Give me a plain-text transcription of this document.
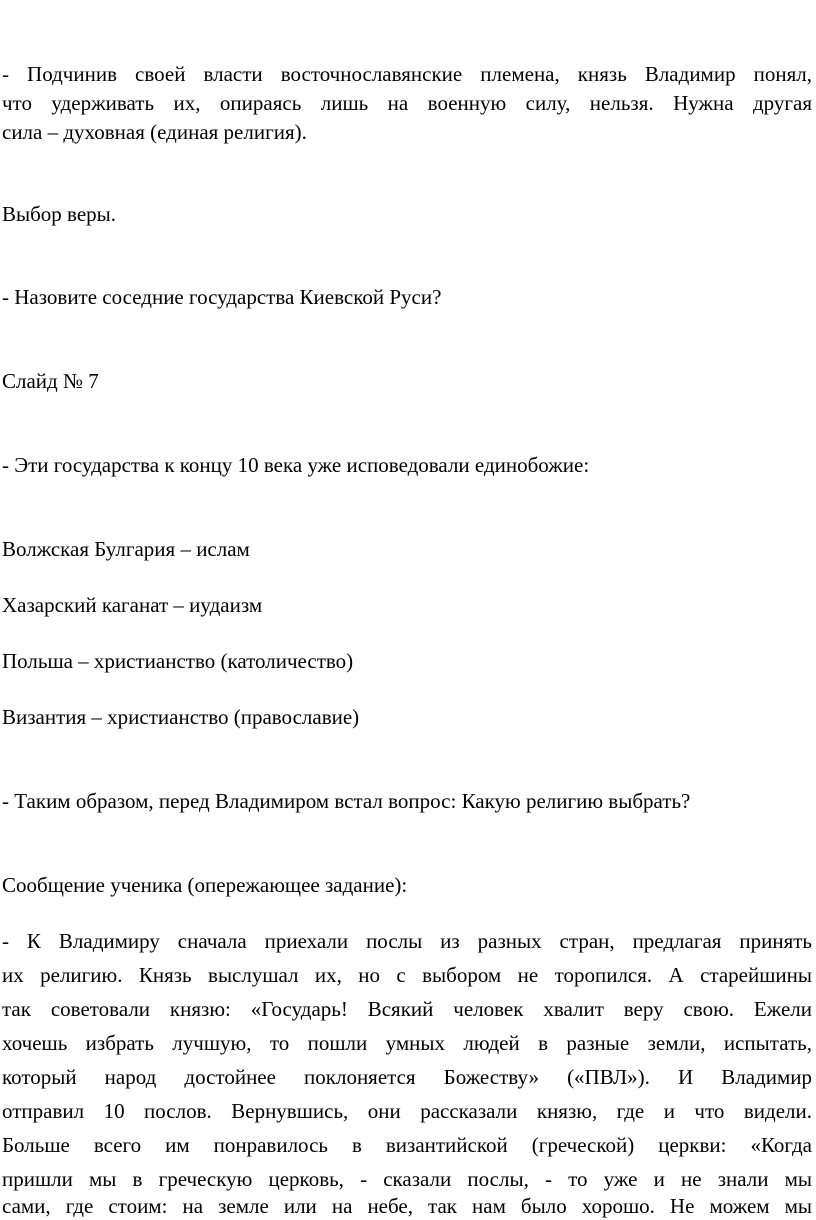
- Подчинив своей власти восточнославянские племена, князь Владимир понял,
что удерживать их, опираясь лишь на военную силу, нельзя. Нужна другая
сила – духовная (единая религия).
Выбор веры.
- Назовите соседние государства Киевской Руси?
Слайд № 7
- Эти государства к концу 10 века уже исповедовали единобожие:
Волжская Булгария – ислам
Хазарский каганат – иудаизм
Польша – христианство (католичество)
Византия – христианство (православие)
- Таким образом, перед Владимиром встал вопрос: Какую религию выбрать?
Сообщение ученика (опережающее задание):
- К Владимиру сначала приехали послы из разных стран, предлагая принять
их религию. Князь выслушал их, но с выбором не торопился. А старейшины
так советовали князю: «Государь! Всякий человек хвалит веру свою. Ежели
хочешь избрать лучшую, то пошли умных людей в разные земли, испытать,
который народ достойнее поклоняется Божеству» («ПВЛ»). И Владимир
отправил 10 послов. Вернувшись, они рассказали князю, где и что видели.
Больше всего им понравилось в византийской (греческой) церкви: «Когда
пришли мы в греческую церковь, - сказали послы, - то уже и не знали мы
сами, где стоим: на земле или на небе, так нам было хорошо. Не можем мы
